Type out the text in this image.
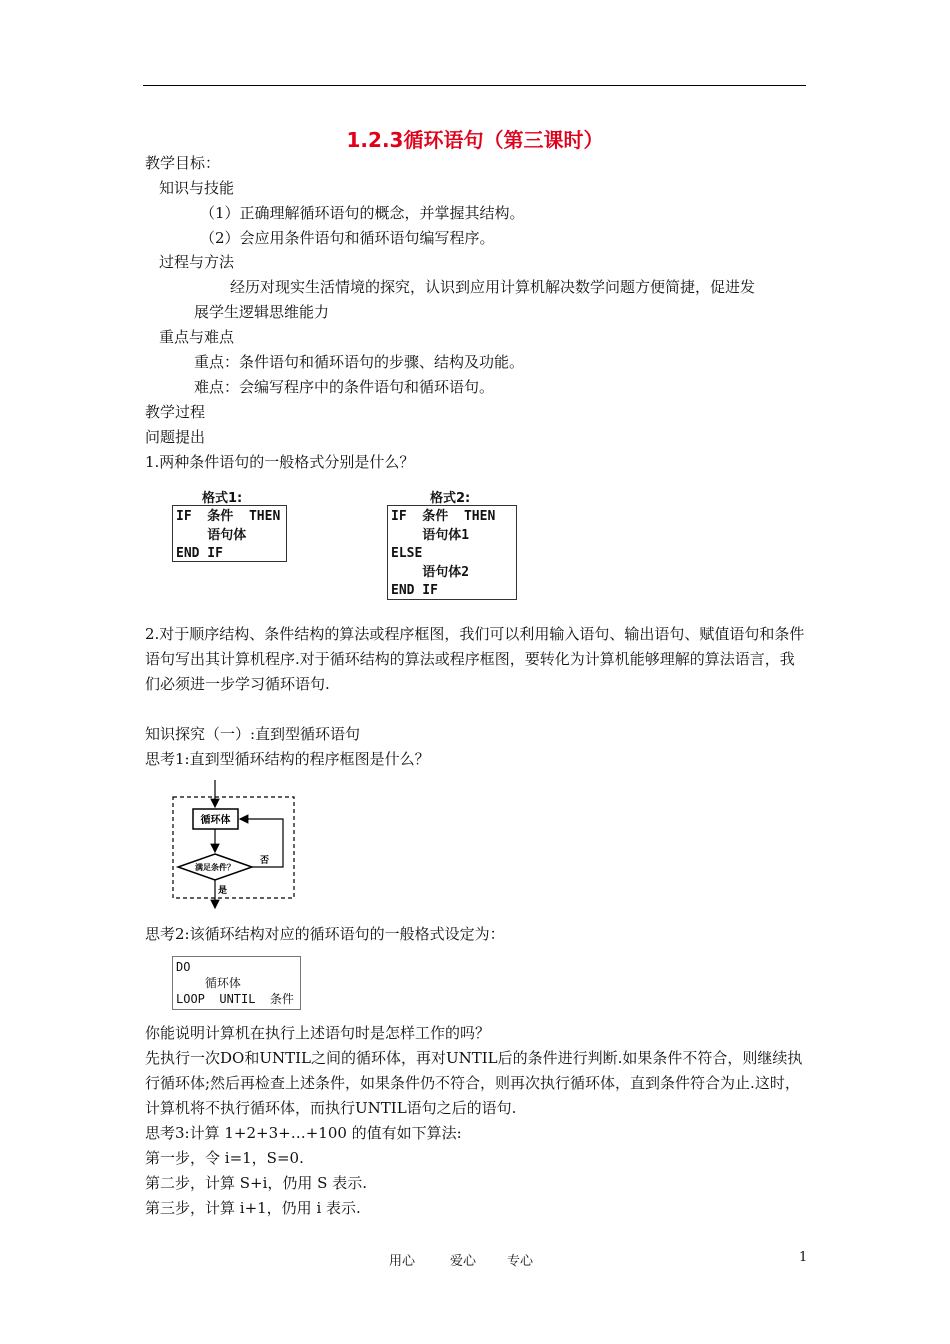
1.2.3循环语句（第三课时）
教学目标：
知识与技能
（1）正确理解循环语句的概念，并掌握其结构。
（2）会应用条件语句和循环语句编写程序。
过程与方法
经历对现实生活情境的探究，认识到应用计算机解决数学问题方便简捷，促进发
展学生逻辑思维能力
重点与难点
重点：条件语句和循环语句的步骤、结构及功能。
难点：会编写程序中的条件语句和循环语句。
教学过程
问题提出
1.两种条件语句的一般格式分别是什么？
格式1:
IF  条件  THEN
语句体
END IF
格式2:
IF  条件  THEN
语句体1
ELSE
语句体2
END IF
2.对于顺序结构、条件结构的算法或程序框图，我们可以利用输入语句、输出语句、赋值语句和条件语句写出其计算机程序.对于循环结构的算法或程序框图，要转化为计算机能够理解的算法语言，我们必须进一步学习循环语句.
知识探究（一）:直到型循环语句
思考1:直到型循环结构的程序框图是什么？
循环体
满足条件？
否
是
思考2:该循环结构对应的循环语句的一般格式设定为：
DO
循环体
LOOP  UNTIL  条件
你能说明计算机在执行上述语句时是怎样工作的吗？
先执行一次DO和UNTIL之间的循环体，再对UNTIL后的条件进行判断.如果条件不符合，则继续执行循环体;然后再检查上述条件，如果条件仍不符合，则再次执行循环体，直到条件符合为止.这时，计算机将不执行循环体，而执行UNTIL语句之后的语句.
思考3:计算 1+2+3+…+100 的值有如下算法:
第一步，令 i=1，S=0.
第二步，计算 S+i，仍用 S 表示.
第三步，计算 i+1，仍用 i 表示.
用心	爱心 专心	1
